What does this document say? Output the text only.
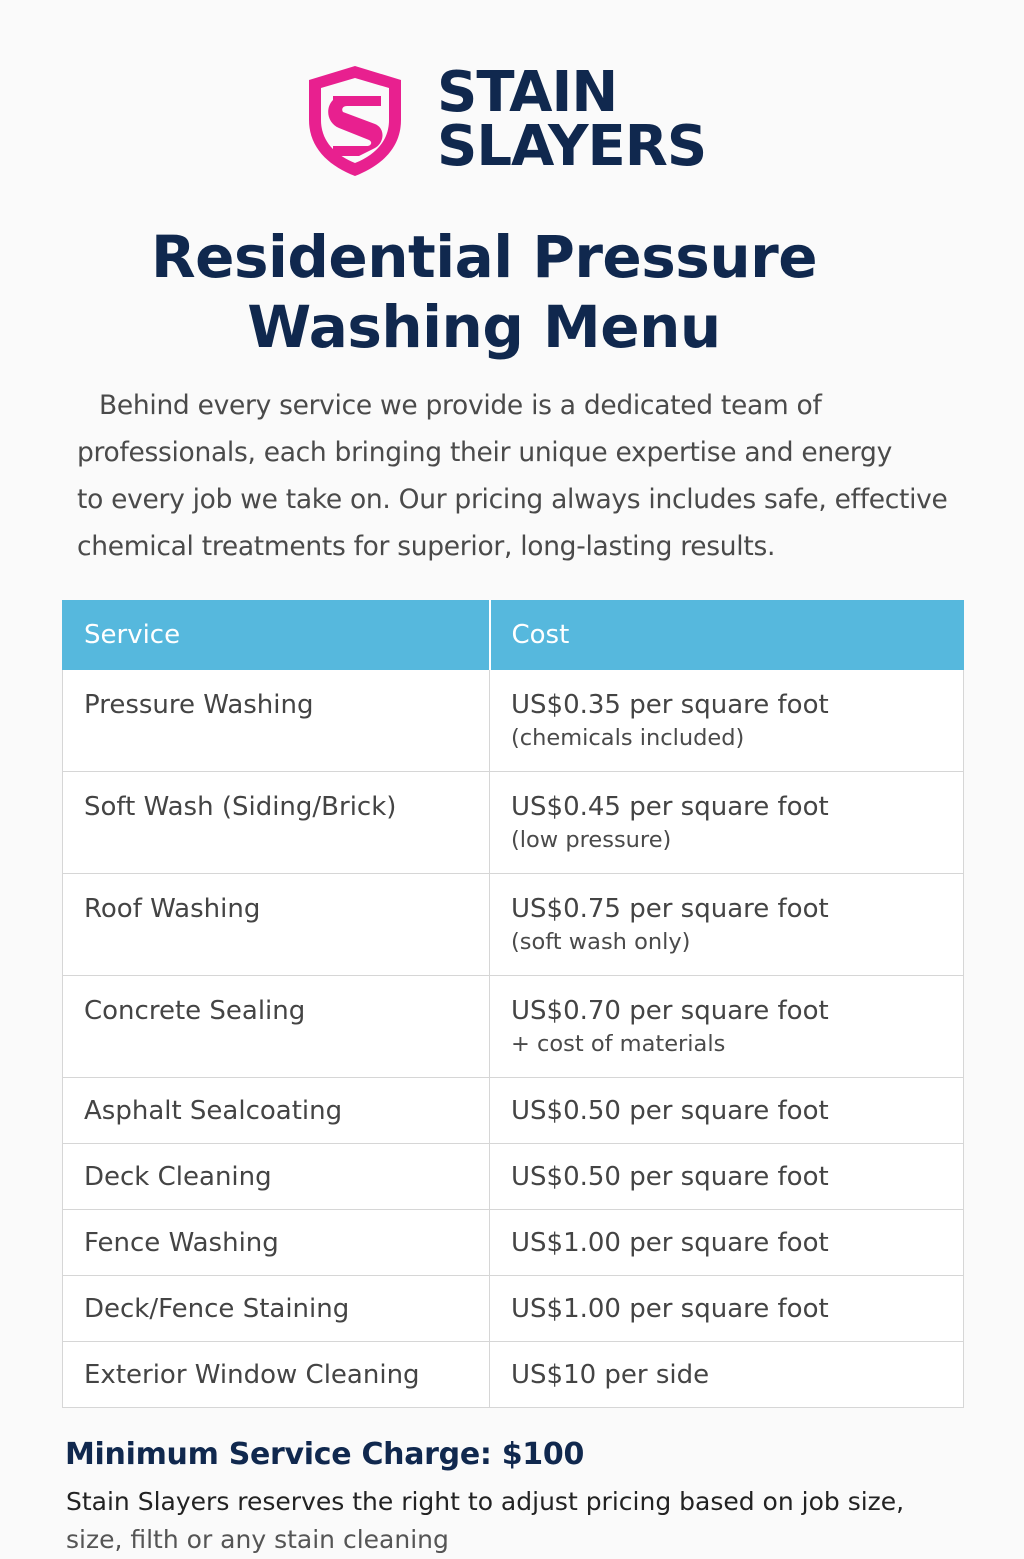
STAIN
SLAYERS
Residential Pressure
Washing Menu
Behind every service we provide is a dedicated team of
professionals, each bringing their unique expertise and energy
to every job we take on. Our pricing always includes safe, effective
chemical treatments for superior, long-lasting results.
Service	Cost

Pressure Washing	US$0.35 per square foot
(chemicals included)

Soft Wash (Siding/Brick)	US$0.45 per square foot
(low pressure)

Roof Washing	US$0.75 per square foot
(soft wash only)

Concrete Sealing	US$0.70 per square foot
+ cost of materials

Asphalt Sealcoating	US$0.50 per square foot

Deck Cleaning	US$0.50 per square foot

Fence Washing	US$1.00 per square foot

Deck/Fence Staining	US$1.00 per square foot

Exterior Window Cleaning	US$10 per side
Minimum Service Charge: $100
Stain Slayers reserves the right to adjust pricing based on job size,
size, filth or any stain cleaning
